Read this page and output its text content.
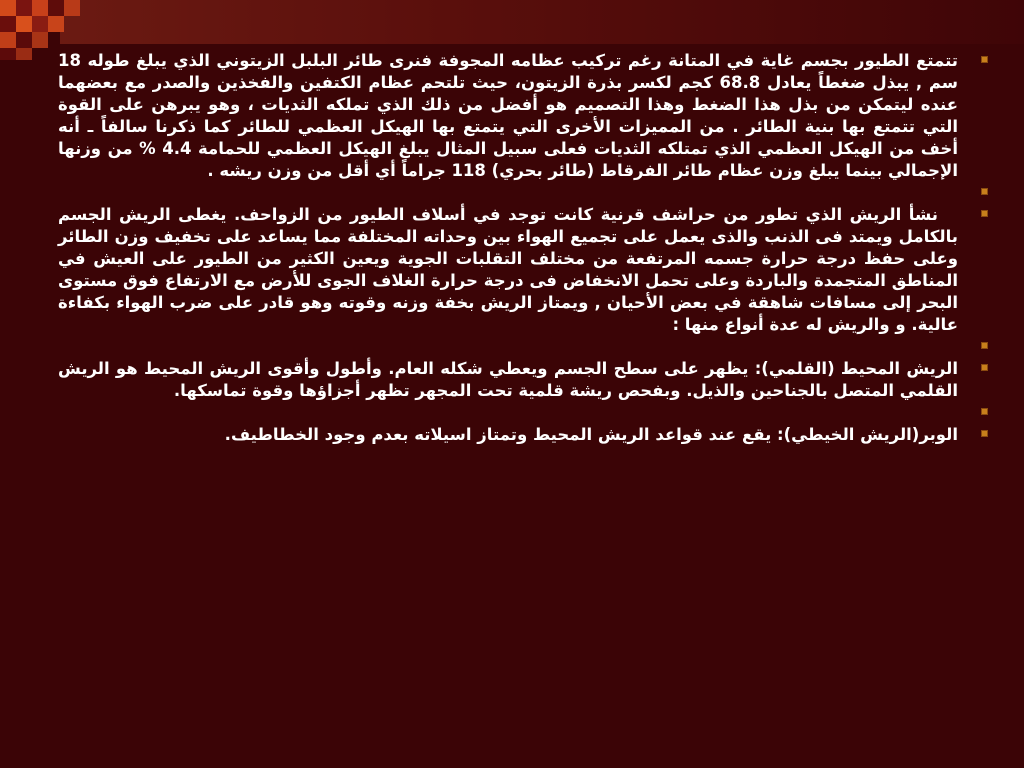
تتمتع الطيور بجسم غاية في المتانة رغم تركيب عظامه المجوفة فنرى طائر البلبل الزيتوني الذي يبلغ طوله 18 سم , يبذل ضغطاً يعادل 68.8 كجم لكسر بذرة الزيتون، حيث تلتحم عظام الكتفين والفخذين والصدر مع بعضهما عنده ليتمكن من بذل هذا الضغط وهذا التصميم هو أفضل من ذلك الذي تملكه الثديات ، وهو يبرهن على القوة التي تتمتع بها بنية الطائر . من المميزات الأخرى التي يتمتع بها الهيكل العظمي للطائر كما ذكرنا سالفاً ـ أنه أخف من الهيكل العظمي الذي تمتلكه الثديات فعلى سبيل المثال يبلغ الهيكل العظمي للحمامة 4.4 % من وزنها الإجمالي بينما يبلغ وزن عظام طائر الفرقاط (طائر بحري) 118 جراماً أي أقل من وزن ريشه .

نشأ الريش الذي تطور من حراشف قرنية كانت توجد في أسلاف الطيور من الزواحف. يغطى الريش الجسم بالكامل ويمتد فى الذنب والذى يعمل على تجميع الهواء بين وحداته المختلفة مما يساعد على تخفيف وزن الطائر وعلى حفظ درجة حرارة جسمه المرتفعة من مختلف التقلبات الجوية ويعين الكثير من الطيور على العيش في المناطق المتجمدة والباردة وعلى تحمل الانخفاض فى درجة حرارة الغلاف الجوى للأرض مع الارتفاع فوق مستوى البحر إلى مسافات شاهقة في بعض الأحيان , ويمتاز الريش بخفة وزنه وقوته وهو قادر على ضرب الهواء بكفاءة عالية. و والريش له عدة أنواع منها :

الريش المحيط (القلمي): يظهر على سطح الجسم ويعطي شكله العام. وأطول وأقوى الريش المحيط هو الريش القلمي المتصل بالجناحين والذيل. وبفحص ريشة قلمية تحت المجهر تظهر أجزاؤها وقوة تماسكها.

الوبر(الريش الخيطي): يقع عند قواعد الريش المحيط وتمتاز اسيلاته بعدم وجود الخطاطيف.
